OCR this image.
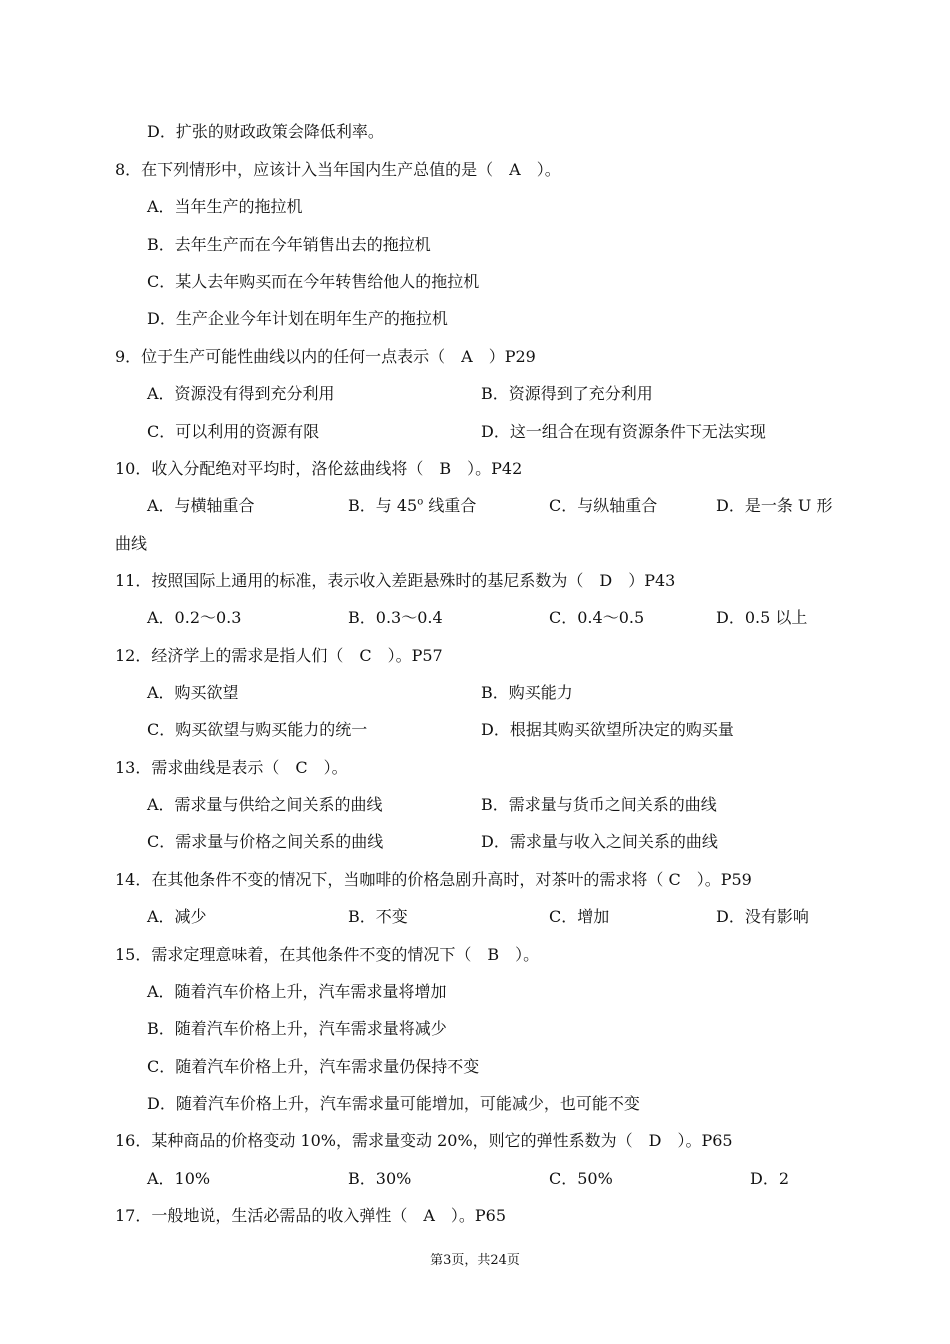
D．扩张的财政政策会降低利率。
8．在下列情形中，应该计入当年国内生产总值的是（　A　）。
A．当年生产的拖拉机
B．去年生产而在今年销售出去的拖拉机
C．某人去年购买而在今年转售给他人的拖拉机
D．生产企业今年计划在明年生产的拖拉机
9．位于生产可能性曲线以内的任何一点表示（　A　）P29
A．资源没有得到充分利用	B．资源得到了充分利用
C．可以利用的资源有限	D．这一组合在现有资源条件下无法实现
10．收入分配绝对平均时，洛伦兹曲线将（　B　）。P42
A．与横轴重合	B．与 45$^o$ 线重合	C．与纵轴重合	D．是一条 U 形
曲线
11．按照国际上通用的标准，表示收入差距悬殊时的基尼系数为（　D　）P43
A．0.2～0.3	B．0.3～0.4	C．0.4～0.5	D．0.5 以上
12．经济学上的需求是指人们（　C　）。P57
A．购买欲望	B．购买能力
C．购买欲望与购买能力的统一	D．根据其购买欲望所决定的购买量
13．需求曲线是表示（　C　）。
A．需求量与供给之间关系的曲线	B．需求量与货币之间关系的曲线
C．需求量与价格之间关系的曲线	D．需求量与收入之间关系的曲线
14．在其他条件不变的情况下，当咖啡的价格急剧升高时，对茶叶的需求将（ C　）。P59
A．减少	B．不变	C．增加	D．没有影响
15．需求定理意味着，在其他条件不变的情况下（　B　）。
A．随着汽车价格上升，汽车需求量将增加
B．随着汽车价格上升，汽车需求量将减少
C．随着汽车价格上升，汽车需求量仍保持不变
D．随着汽车价格上升，汽车需求量可能增加，可能减少，也可能不变
16．某种商品的价格变动 10%，需求量变动 20%，则它的弹性系数为（　D　）。P65
A．10%	B．30%	C．50%	D．2
17．一般地说，生活必需品的收入弹性（　A　）。P65
第3页，共24页
